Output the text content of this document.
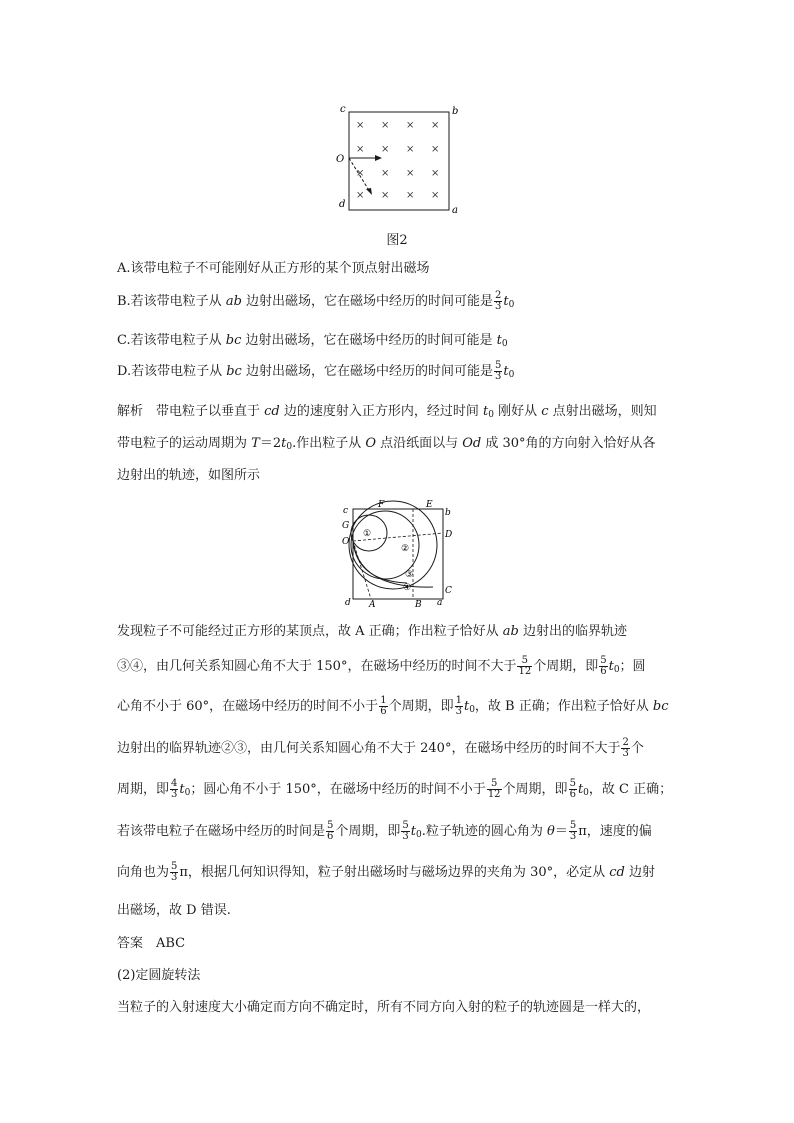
× × × ×
× × × ×
× × × ×
× × × ×
c	b
O
d
a
图2
A.该带电粒子不可能刚好从正方形的某个顶点射出磁场
B.若该带电粒子从 ab 边射出磁场，它在磁场中经历的时间可能是 $\frac{2}{3} t_0$
C.若该带电粒子从 bc 边射出磁场，它在磁场中经历的时间可能是 $t_0$
D.若该带电粒子从 bc 边射出磁场，它在磁场中经历的时间可能是 $\frac{5}{3} t_0$
解析　带电粒子以垂直于 cd 边的速度射入正方形内，经过时间 $t_0$ 刚好从 c 点射出磁场，则知
带电粒子的运动周期为 $T=2t_0$.作出粒子从 O 点沿纸面以与 Od 成 30°角的方向射入恰好从各
边射出的轨迹，如图所示
c
F	E
b
G
D
O
C
d A	B a
①
②
③
④
发现粒子不可能经过正方形的某顶点，故 A 正确；作出粒子恰好从 ab 边射出的临界轨迹
③④，由几何关系知圆心角不大于 150°，在磁场中经历的时间不大于 $\frac{5}{12}$ 个周期，即 $\frac{5}{6} t_0$；圆
心角不小于 60°，在磁场中经历的时间不小于 $\frac{1}{6}$ 个周期，即 $\frac{1}{3} t_0$，故 B 正确；作出粒子恰好从 bc
边射出的临界轨迹②③，由几何关系知圆心角不大于 240°，在磁场中经历的时间不大于 $\frac{2}{3}$ 个
周期，即 $\frac{4}{3} t_0$；圆心角不小于 150°，在磁场中经历的时间不小于 $\frac{5}{12}$ 个周期，即 $\frac{5}{6} t_0$，故 C 正确；
若该带电粒子在磁场中经历的时间是 $\frac{5}{6}$ 个周期，即 $\frac{5}{3} t_0$.粒子轨迹的圆心角为 $\theta= \frac{5}{3}$ π，速度的偏
向角也为 $\frac{5}{3}$ π，根据几何知识得知，粒子射出磁场时与磁场边界的夹角为 30°，必定从 cd 边射
出磁场，故 D 错误.
答案　ABC
(2)定圆旋转法
当粒子的入射速度大小确定而方向不确定时，所有不同方向入射的粒子的轨迹圆是一样大的，
